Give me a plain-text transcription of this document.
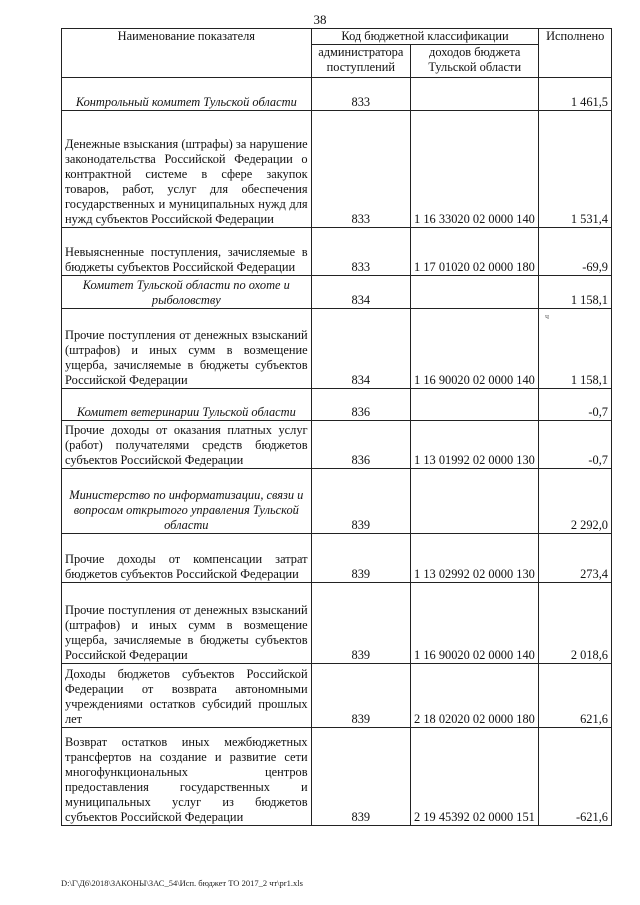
38
Наименование показателя	Код бюджетной классификации		Исполнено
	администратора поступлений	доходов бюджета Тульской области	
Контрольный комитет Тульской области	833		1 461,5
Денежные взыскания (штрафы) за нарушение законодательства Российской Федерации о контрактной системе в сфере закупок товаров, работ, услуг для обеспечения государственных и муниципальных нужд для нужд субъектов Российской Федерации	833	1 16 33020 02 0000 140	1 531,4
Невыясненные поступления, зачисляемые в бюджеты субъектов Российской Федерации	833	1 17 01020 02 0000 180	-69,9
Комитет Тульской области по охоте и рыболовству	834		1 158,1
Прочие поступления от денежных взысканий (штрафов) и иных сумм в возмещение ущерба, зачисляемые в бюджеты субъектов Российской Федерации	834	1 16 90020 02 0000 140	1 158,1
Комитет ветеринарии Тульской области	836		-0,7
Прочие доходы от оказания платных услуг (работ) получателями средств бюджетов субъектов Российской Федерации	836	1 13 01992 02 0000 130	-0,7
Министерство по информатизации, связи и вопросам открытого управления Тульской области	839		2 292,0
Прочие доходы от компенсации затрат бюджетов субъектов Российской Федерации	839	1 13 02992 02 0000 130	273,4
Прочие поступления от денежных взысканий (штрафов) и иных сумм в возмещение ущерба, зачисляемые в бюджеты субъектов Российской Федерации	839	1 16 90020 02 0000 140	2 018,6
Доходы бюджетов субъектов Российской Федерации от возврата автономными учреждениями остатков субсидий прошлых лет	839	2 18 02020 02 0000 180	621,6
Возврат остатков иных межбюджетных трансфертов на создание и развитие сети многофункциональных центров предоставления государственных и муниципальных услуг из бюджетов субъектов Российской Федерации	839	2 19 45392 02 0000 151	-621,6
ч
D:\Г\Д6\2018\ЗАКОНЫ\ЗАС_54\Исп. бюджет ТО 2017_2 чт\pr1.xls
